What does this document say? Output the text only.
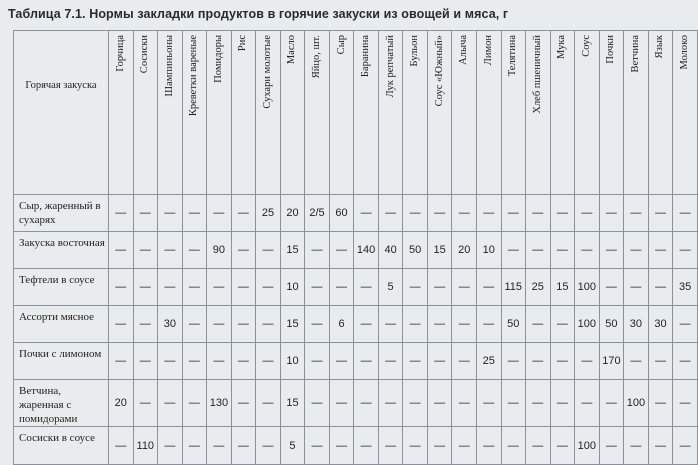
Таблица 7.1. Нормы закладки продуктов в горячие закуски из овощей и мяса, г
Горячая закуска	Горчица	Сосиски	Шампиньоны	Креветки вареные	Помидоры	Рис	Сухари молотые	Масло	Яйцо, шт.	Сыр	Баранина	Лук репчатый	Бульон	Соус «Южный»	Алыча	Лимон	Телятина	Хлеб пшеничный	Мука	Соус	Почки	Ветчина	Язык	Молоко

Сыр, жаренный в сухарях	—	—	—	—	—	—	25	20	2/5	60	—	—	—	—	—	—	—	—	—	—	—	—	—	—
Закуска восточная	—	—	—	—	90	—	—	15	—	—	140	40	50	15	20	10	—	—	—	—	—	—	—	—
Тефтели в соусе	—	—	—	—	—	—	—	10	—	—	—	5	—	—	—	—	115	25	15	100	—	—	—	35
Ассорти мясное	—	—	30	—	—	—	—	15	—	6	—	—	—	—	—	—	50	—	—	100	50	30	30	—
Почки с лимоном	—	—	—	—	—	—	—	10	—	—	—	—	—	—	—	25	—	—	—	—	170	—	—	—
Ветчина, жаренная с помидорами	20	—	—	—	130	—	—	15	—	—	—	—	—	—	—	—	—	—	—	—	—	100	—	—
Сосиски в соусе	—	110	—	—	—	—	—	5	—	—	—	—	—	—	—	—	—	—	—	100	—	—	—	—
